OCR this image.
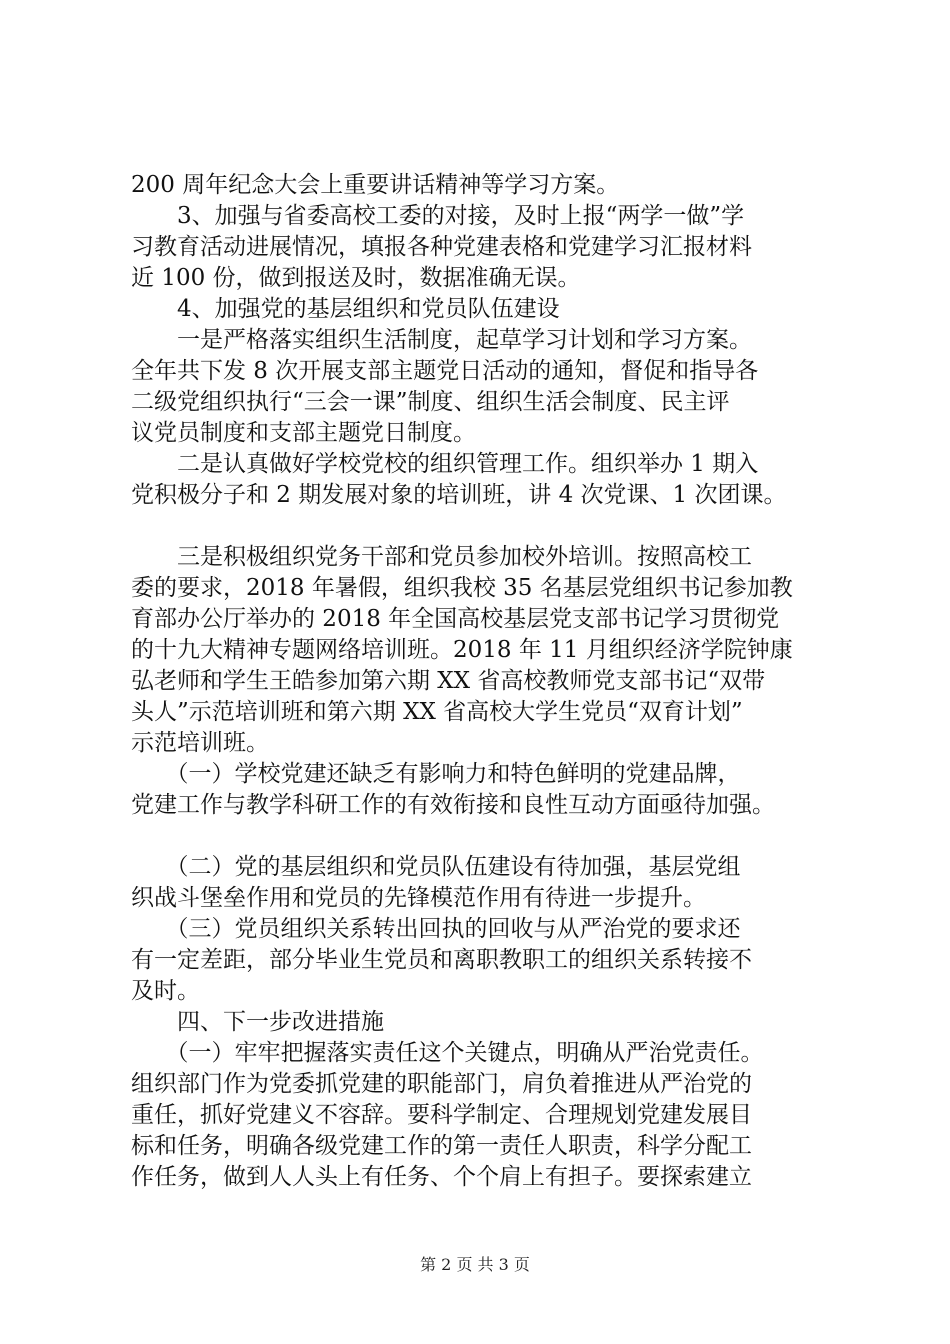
200 周年纪念大会上重要讲话精神等学习方案。
　　3、加强与省委高校工委的对接，及时上报“两学一做”学
习教育活动进展情况，填报各种党建表格和党建学习汇报材料
近 100 份，做到报送及时，数据准确无误。
　　4、加强党的基层组织和党员队伍建设
　　一是严格落实组织生活制度，起草学习计划和学习方案。
全年共下发 8 次开展支部主题党日活动的通知，督促和指导各
二级党组织执行“三会一课”制度、组织生活会制度、民主评
议党员制度和支部主题党日制度。
　　二是认真做好学校党校的组织管理工作。组织举办 1 期入
党积极分子和 2 期发展对象的培训班，讲 4 次党课、1 次团课。
　　三是积极组织党务干部和党员参加校外培训。按照高校工
委的要求，2018 年暑假，组织我校 35 名基层党组织书记参加教
育部办公厅举办的 2018 年全国高校基层党支部书记学习贯彻党
的十九大精神专题网络培训班。2018 年 11 月组织经济学院钟康
弘老师和学生王皓参加第六期 XX 省高校教师党支部书记“双带
头人”示范培训班和第六期 XX 省高校大学生党员“双育计划”
示范培训班。
　　（一）学校党建还缺乏有影响力和特色鲜明的党建品牌，
党建工作与教学科研工作的有效衔接和良性互动方面亟待加强。
　　（二）党的基层组织和党员队伍建设有待加强，基层党组
织战斗堡垒作用和党员的先锋模范作用有待进一步提升。
　　（三）党员组织关系转出回执的回收与从严治党的要求还
有一定差距，部分毕业生党员和离职教职工的组织关系转接不
及时。
　　四、下一步改进措施
　　（一）牢牢把握落实责任这个关键点，明确从严治党责任。
组织部门作为党委抓党建的职能部门，肩负着推进从严治党的
重任，抓好党建义不容辞。要科学制定、合理规划党建发展目
标和任务，明确各级党建工作的第一责任人职责，科学分配工
作任务，做到人人头上有任务、个个肩上有担子。要探索建立
第 2 页 共 3 页
